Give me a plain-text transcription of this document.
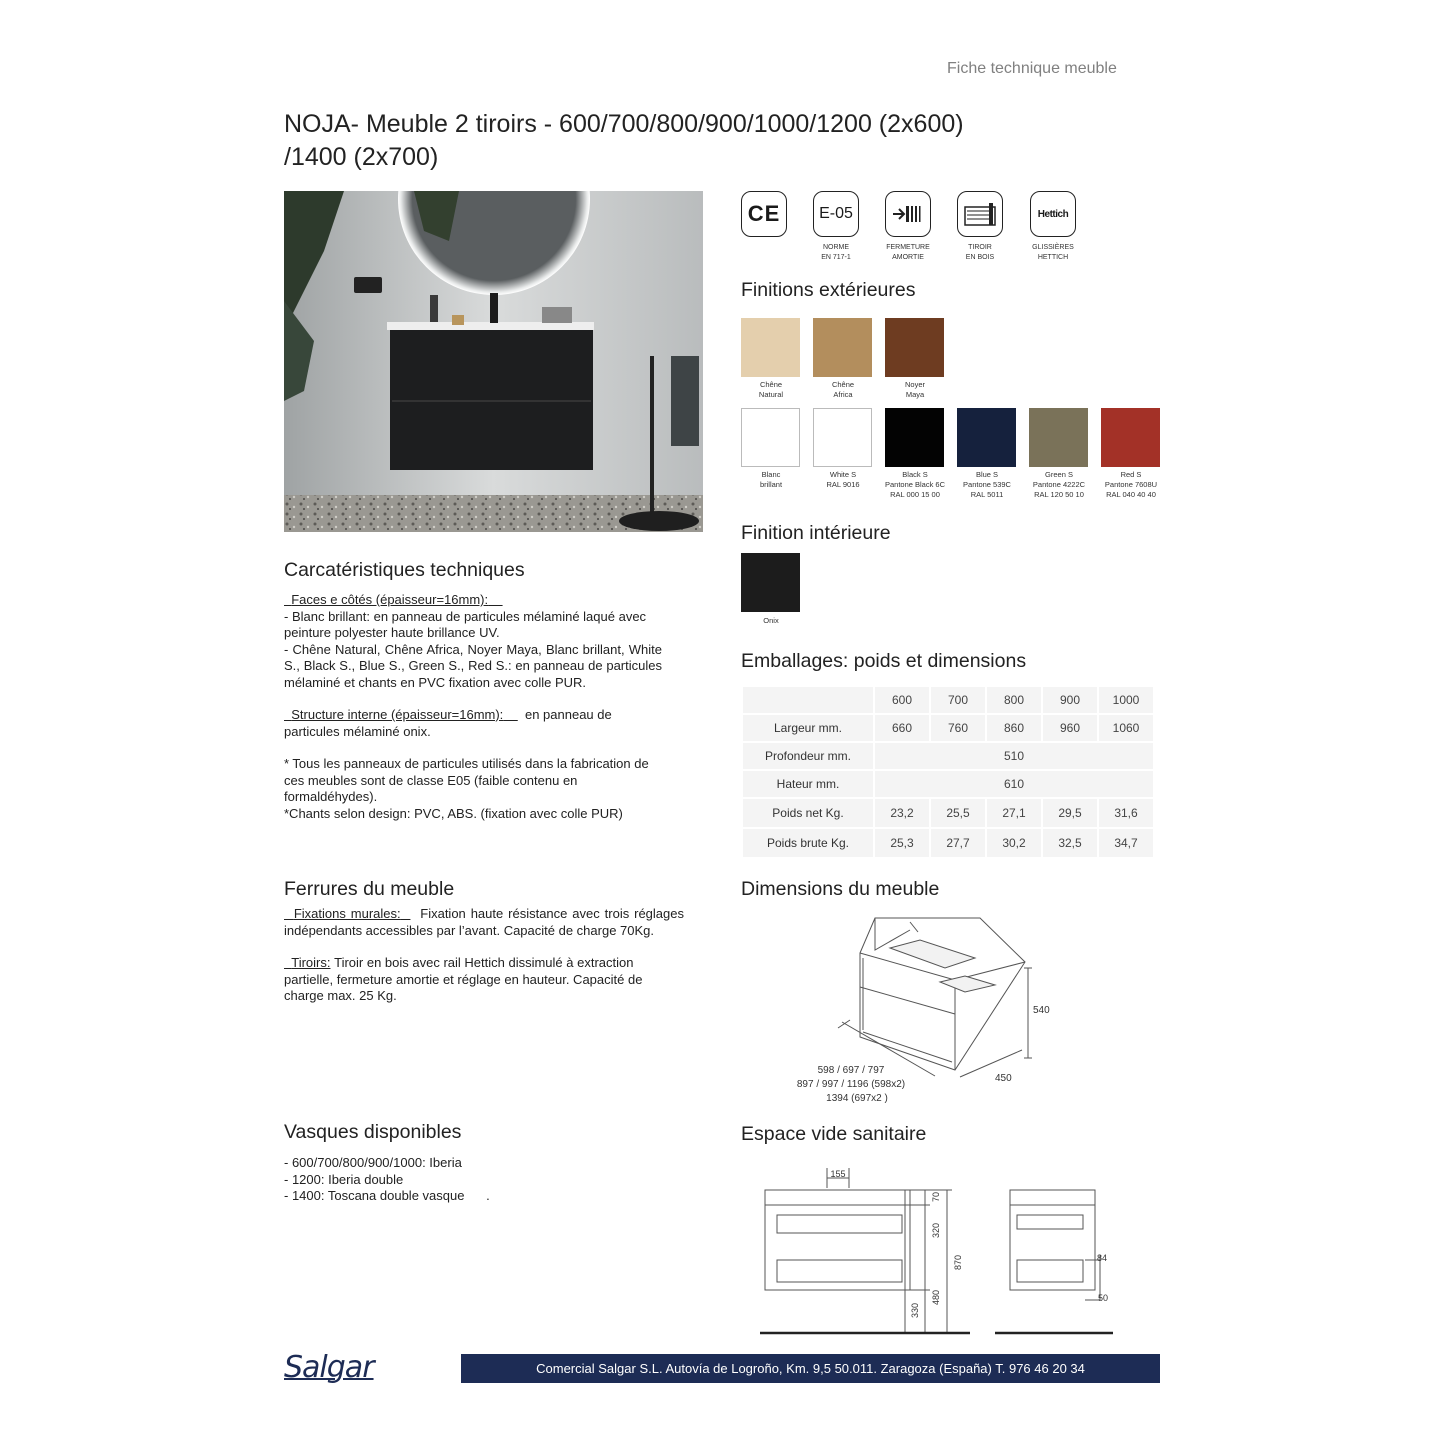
Fiche technique meuble
NOJA- Meuble 2 tiroirs - 600/700/800/900/1000/1200 (2x600)
/1400 (2x700)
CE E-05	Hettich
NORME
EN 717-1
FERMETURE
AMORTIE
TIROIR
EN BOIS
GLISSIÈRES
HETTICH
Finitions extérieures
Chêne
Natural
Chêne
Africa
Noyer
Maya
Blanc
brillant
White S
RAL 9016
Black S
Pantone Black 6C
RAL 000 15 00
Blue S
Pantone 539C
RAL 5011
Green S
Pantone 4222C
RAL 120 50 10
Red S
Pantone 7608U
RAL 040 40 40
Finition intérieure
Onix
Emballages: poids et dimensions
	600	700	800	900	1000
Largeur mm.	660	760	860	960	1060
Profondeur mm.	510				
Hateur mm.	610				
Poids net Kg.	23,2	25,5	27,1	29,5	31,6
Poids brute Kg.	25,3	27,7	30,2	32,5	34,7
Carcatéristiques techniques
Faces e côtés (épaisseur=16mm):
- Blanc brillant: en panneau de particules mélaminé laqué avec peinture polyester haute brillance UV.
- Chêne Natural, Chêne Africa, Noyer Maya, Blanc brillant, White S., Black S., Blue S., Green S., Red S.: en panneau de particules mélaminé et chants en PVC fixation avec colle PUR.
Structure interne (épaisseur=16mm): en panneau de particules mélaminé onix.
* Tous les panneaux de particules utilisés dans la fabrication de ces meubles sont de classe E05 (faible contenu en formaldéhydes).
*Chants selon design: PVC, ABS. (fixation avec colle PUR)
Ferrures du meuble
Fixations murales: Fixation haute résistance avec trois réglages indépendants accessibles par l’avant. Capacité de charge 70Kg.
Tiroirs: Tiroir en bois avec rail Hettich dissimulé à extraction partielle, fermeture amortie et réglage en hauteur. Capacité de charge max. 25 Kg.
Vasques disponibles
- 600/700/800/900/1000: Iberia
- 1200: Iberia double
- 1400: Toscana double vasque .
Dimensions du meuble
540
450
598 / 697 / 797
897 / 997 / 1196 (598x2)
1394 (697x2 )
Espace vide sanitaire
155
70
320
870
480
330
84
50
Salgar	Comercial Salgar S.L. Autovía de Logroño, Km. 9,5 50.011. Zaragoza (España) T. 976 46 20 34
